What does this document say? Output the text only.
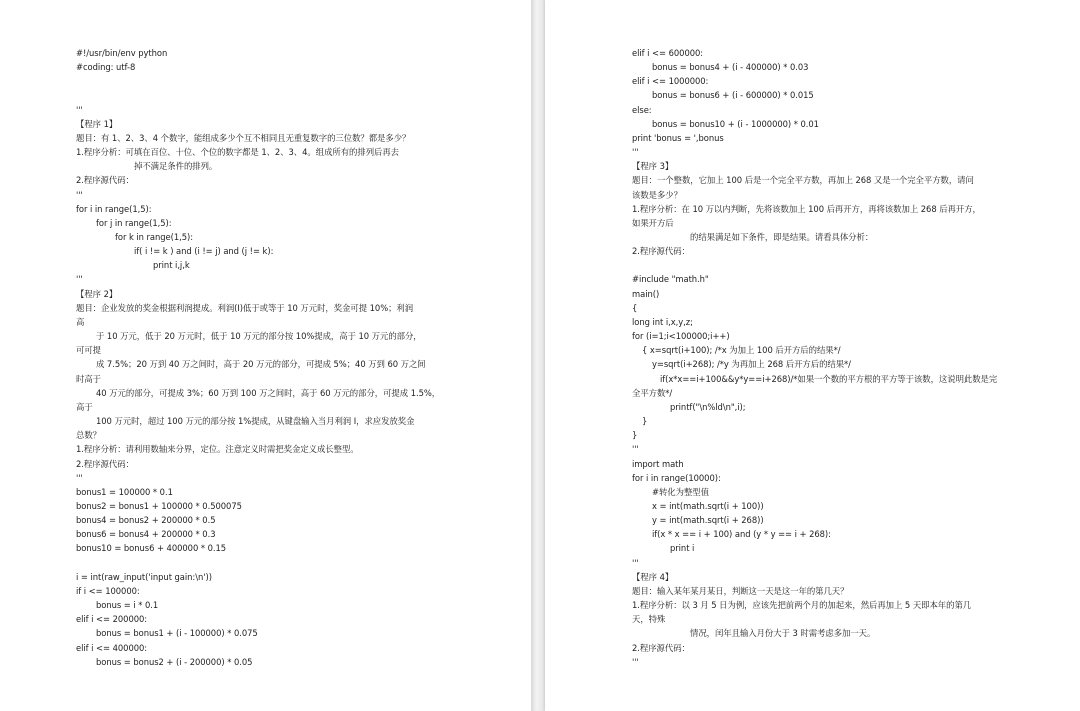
#!/usr/bin/env python
#coding: utf-8
'''
【程序 1】
题目：有 1、2、3、4 个数字，能组成多少个互不相同且无重复数字的三位数？都是多少？
1.程序分析：可填在百位、十位、个位的数字都是 1、2、3、4。组成所有的排列后再去
掉不满足条件的排列。
2.程序源代码：
'''
for i in range(1,5):
for j in range(1,5):
for k in range(1,5):
if( i != k ) and (i != j) and (j != k):
print i,j,k
'''
【程序 2】
题目：企业发放的奖金根据利润提成。利润(I)低于或等于 10 万元时，奖金可提 10%；利润
高
于 10 万元，低于 20 万元时，低于 10 万元的部分按 10%提成，高于 10 万元的部分，
可可提
成 7.5%；20 万到 40 万之间时，高于 20 万元的部分，可提成 5%；40 万到 60 万之间
时高于
40 万元的部分，可提成 3%；60 万到 100 万之间时，高于 60 万元的部分，可提成 1.5%，
高于
100 万元时，超过 100 万元的部分按 1%提成，从键盘输入当月利润 I，求应发放奖金
总数？
1.程序分析：请利用数轴来分界，定位。注意定义时需把奖金定义成长整型。
2.程序源代码：
'''
bonus1 = 100000 * 0.1
bonus2 = bonus1 + 100000 * 0.500075
bonus4 = bonus2 + 200000 * 0.5
bonus6 = bonus4 + 200000 * 0.3
bonus10 = bonus6 + 400000 * 0.15
i = int(raw_input('input gain:\n'))
if i <= 100000:
bonus = i * 0.1
elif i <= 200000:
bonus = bonus1 + (i - 100000) * 0.075
elif i <= 400000:
bonus = bonus2 + (i - 200000) * 0.05
elif i <= 600000:
bonus = bonus4 + (i - 400000) * 0.03
elif i <= 1000000:
bonus = bonus6 + (i - 600000) * 0.015
else:
bonus = bonus10 + (i - 1000000) * 0.01
print 'bonus = ',bonus
'''
【程序 3】
题目：一个整数，它加上 100 后是一个完全平方数，再加上 268 又是一个完全平方数，请问
该数是多少？
1.程序分析：在 10 万以内判断，先将该数加上 100 后再开方，再将该数加上 268 后再开方，
如果开方后
的结果满足如下条件，即是结果。请看具体分析：
2.程序源代码：
#include "math.h"
main()
{
long int i,x,y,z;
for (i=1;i<100000;i++)
{ x=sqrt(i+100); /*x 为加上 100 后开方后的结果*/
y=sqrt(i+268); /*y 为再加上 268 后开方后的结果*/
if(x*x==i+100&&y*y==i+268)/*如果一个数的平方根的平方等于该数，这说明此数是完
全平方数*/
printf("\n%ld\n",i);
}
}
'''
import math
for i in range(10000):
#转化为整型值
x = int(math.sqrt(i + 100))
y = int(math.sqrt(i + 268))
if(x * x == i + 100) and (y * y == i + 268):
print i
'''
【程序 4】
题目：输入某年某月某日，判断这一天是这一年的第几天？
1.程序分析：以 3 月 5 日为例，应该先把前两个月的加起来，然后再加上 5 天即本年的第几
天，特殊
情况，闰年且输入月份大于 3 时需考虑多加一天。
2.程序源代码：
'''
